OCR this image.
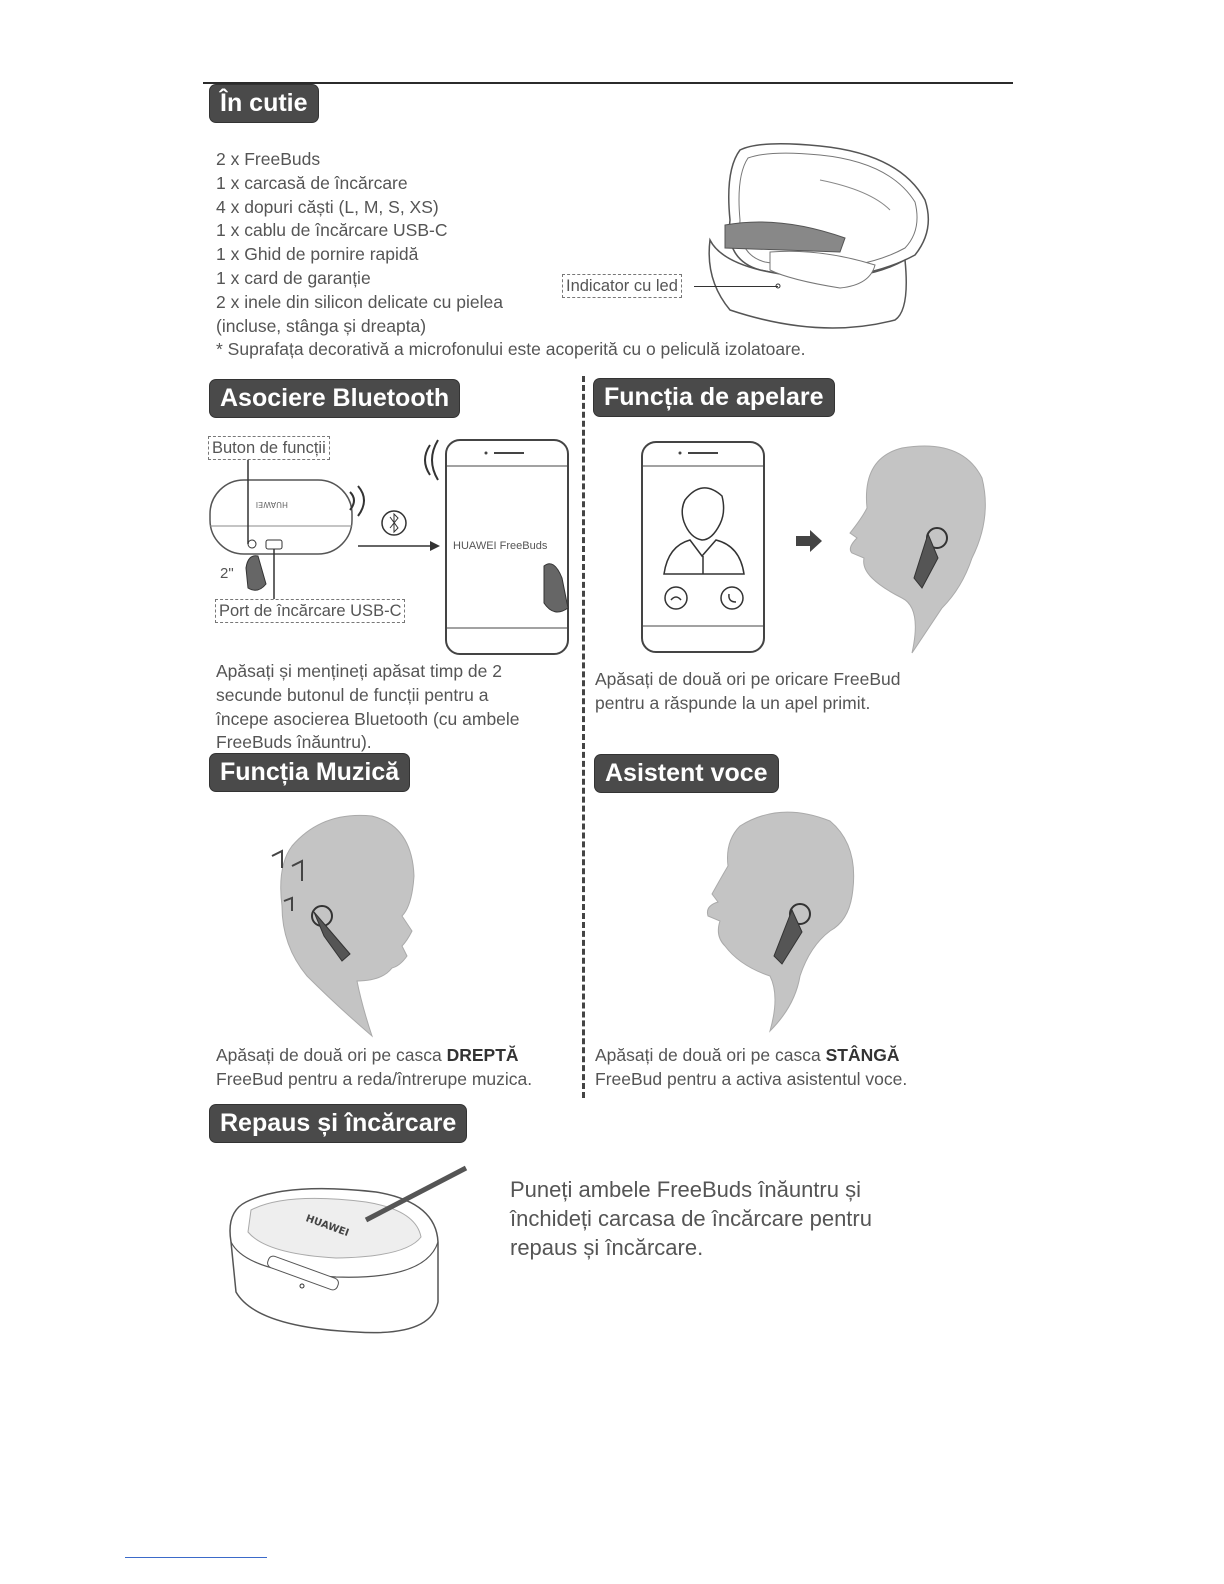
În cutie

2 x FreeBuds

1 x carcasă de încărcare

4 x dopuri căști (L, M, S, XS)

1 x cablu de încărcare USB-C

1 x Ghid de pornire rapidă

1 x card de garanție

2 x inele din silicon delicate cu pielea

(incluse, stânga și dreapta)

* Suprafața decorativă a microfonului este acoperită cu o peliculă izolatoare.

Indicator cu led
Asociere Bluetooth
Buton de funcții
HUAWEI
2"
HUAWEI FreeBuds
Port de încărcare USB-C

Apăsați și mențineți apăsat timp de 2

secunde butonul de funcții pentru a

începe asocierea Bluetooth (cu ambele

FreeBuds înăuntru).

Funcția de apelare

Apăsați de două ori pe oricare FreeBud

pentru a răspunde la un apel primit.

Funcția Muzică

Apăsați de două ori pe casca DREPTĂ

FreeBud pentru a reda/întrerupe muzica.

Asistent voce

Apăsați de două ori pe casca STÂNGĂ

FreeBud pentru a activa asistentul voce.

Repaus și încărcare
HUAWEI

Puneți ambele FreeBuds înăuntru și

închideți carcasa de încărcare pentru

repaus și încărcare.
